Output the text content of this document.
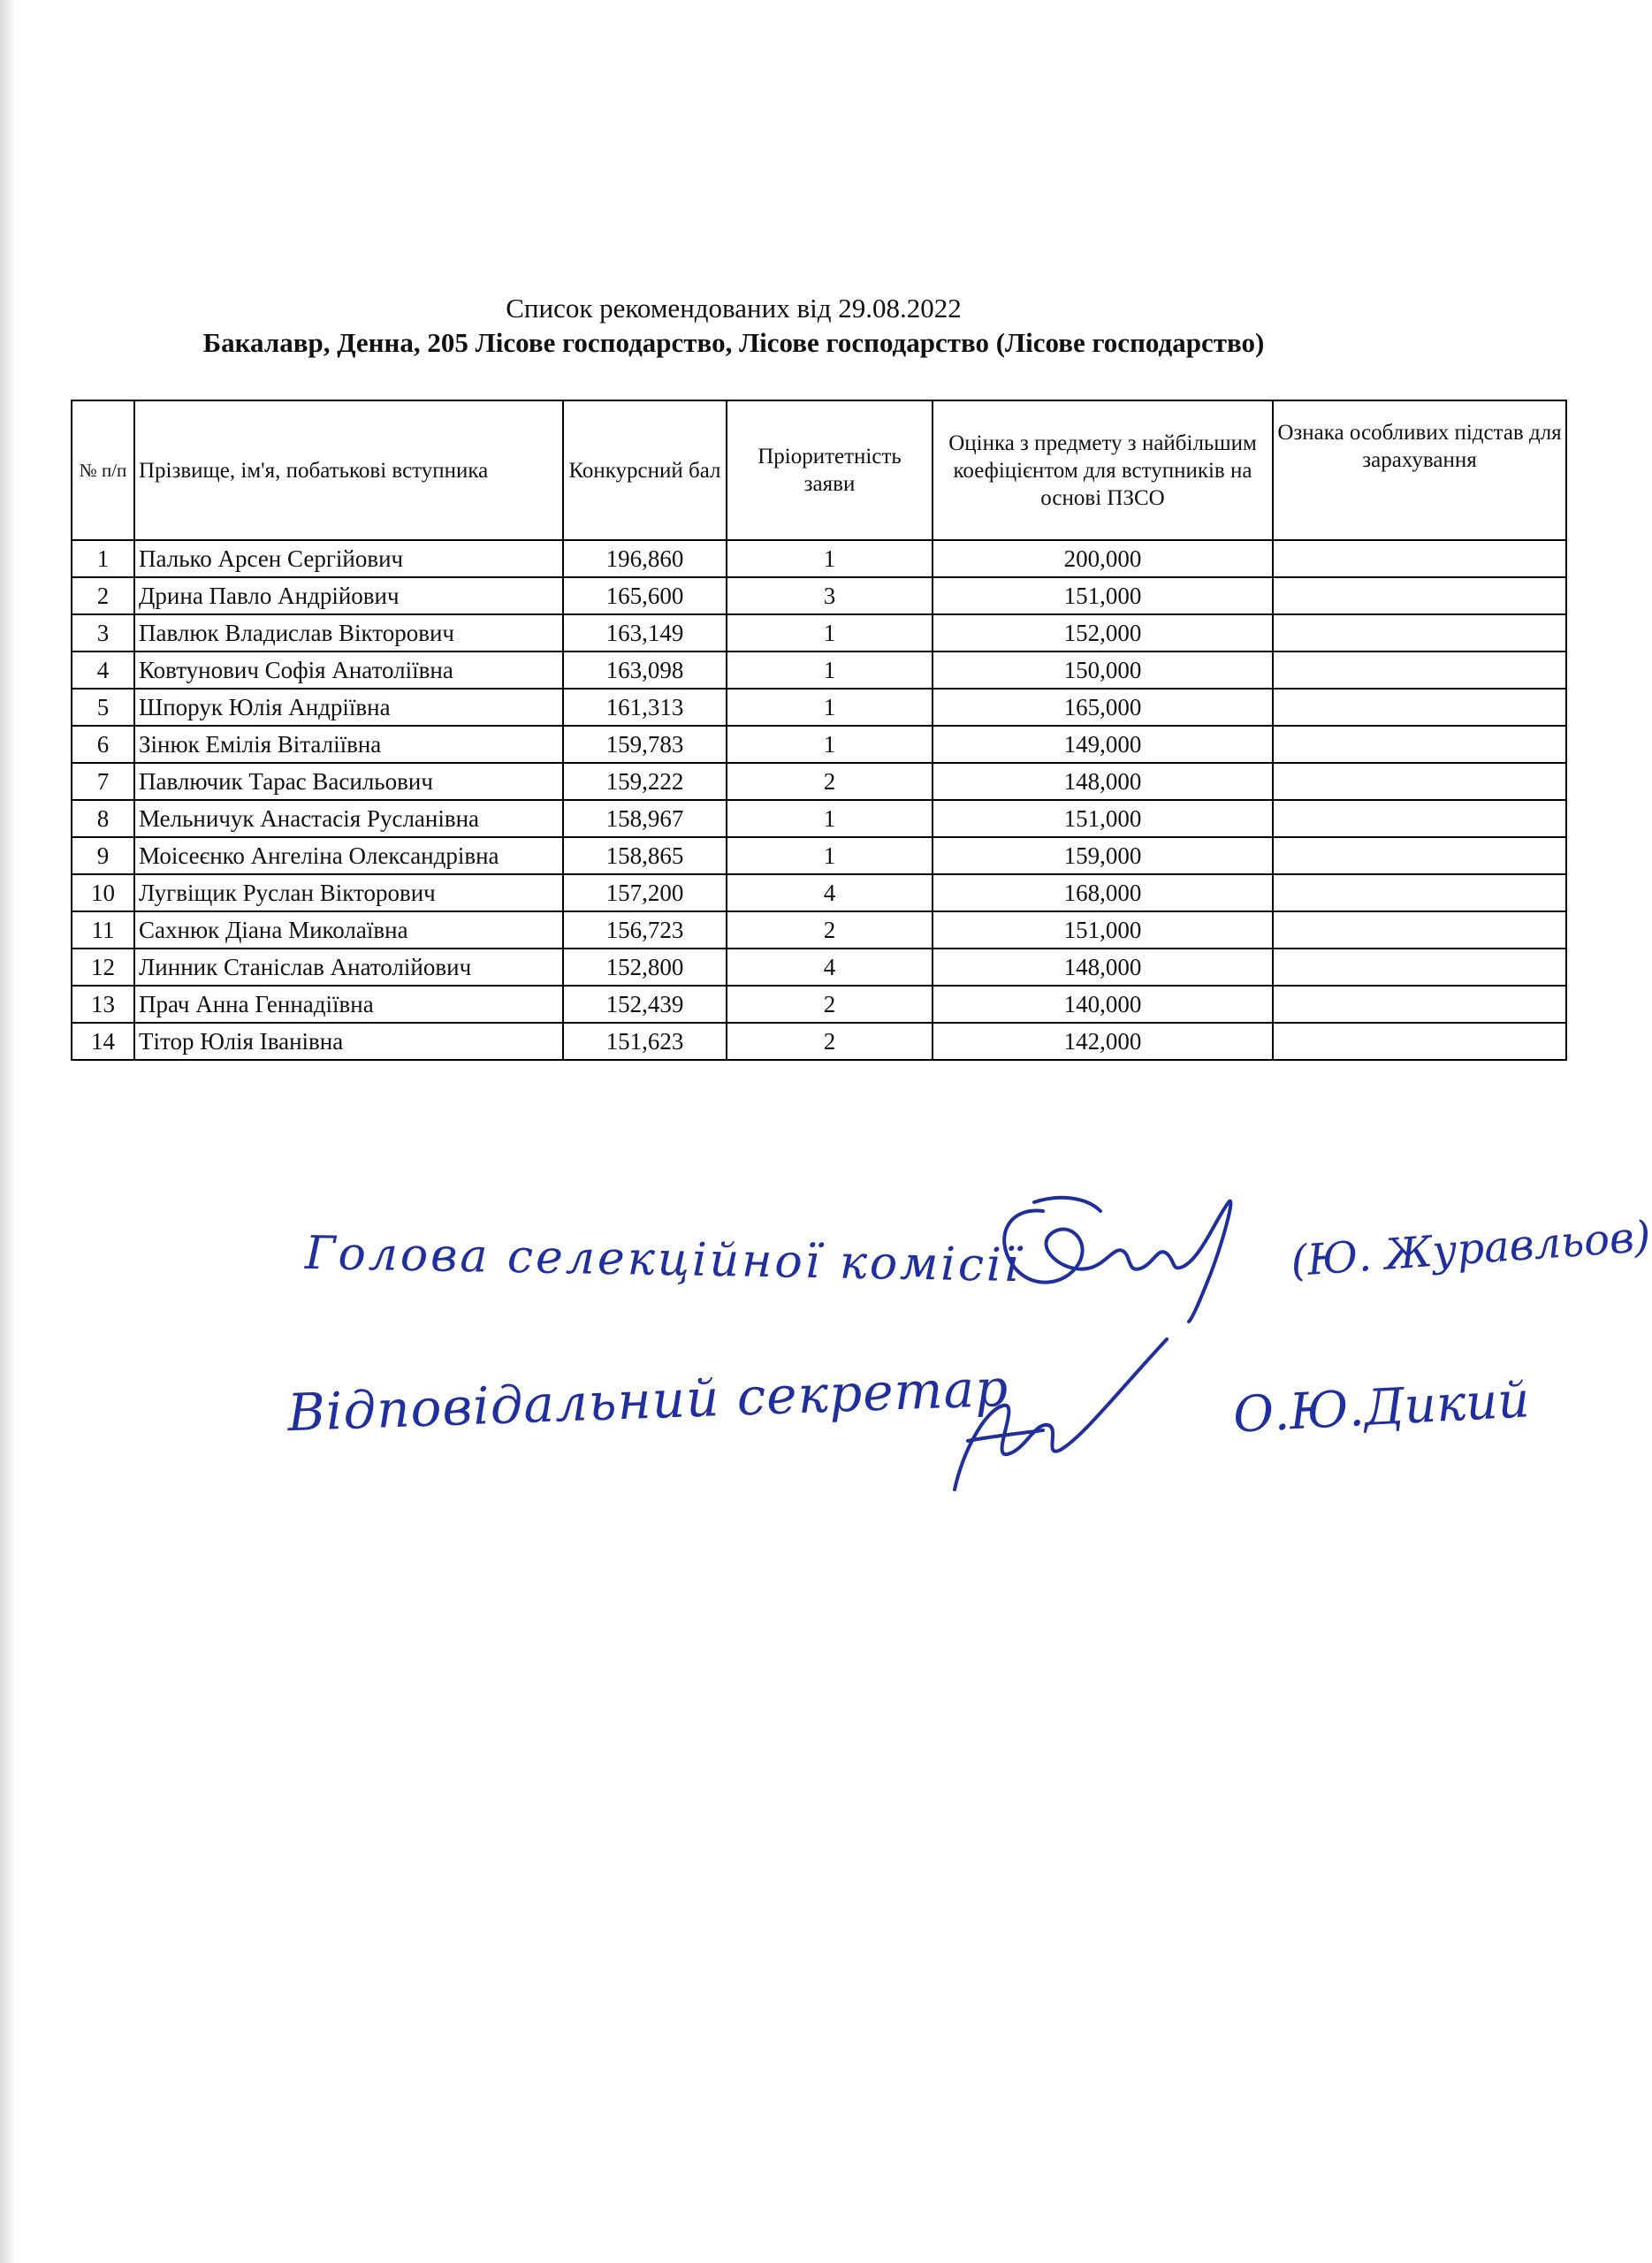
Список рекомендованих від 29.08.2022
Бакалавр, Денна, 205 Лісове господарство, Лісове господарство (Лісове господарство)
№ п/п	Прізвище, ім'я, побатькові вступника	Конкурсний бал	Пріоритетність заяви	Оцінка з предмету з найбільшим коефіцієнтом для вступників на основі ПЗСО	Ознака особливих підстав для зарахування
1	Палько Арсен Сергійович	196,860	1	200,000	
2	Дрина Павло Андрійович	165,600	3	151,000	
3	Павлюк Владислав Вікторович	163,149	1	152,000	
4	Ковтунович Софія Анатоліївна	163,098	1	150,000	
5	Шпорук Юлія Андріївна	161,313	1	165,000	
6	Зінюк Емілія Віталіївна	159,783	1	149,000	
7	Павлючик Тарас Васильович	159,222	2	148,000	
8	Мельничук Анастасія Русланівна	158,967	1	151,000	
9	Моісеєнко Ангеліна Олександрівна	158,865	1	159,000	
10	Лугвіщик Руслан Вікторович	157,200	4	168,000	
11	Сахнюк Діана Миколаївна	156,723	2	151,000	
12	Линник Станіслав Анатолійович	152,800	4	148,000	
13	Прач Анна Геннадіївна	152,439	2	140,000	
14	Тітор Юлія Іванівна	151,623	2	142,000	
Голова селекційної комісії	(Ю. Журавльов)
Відповідальний секретар	О.Ю.Дикий
